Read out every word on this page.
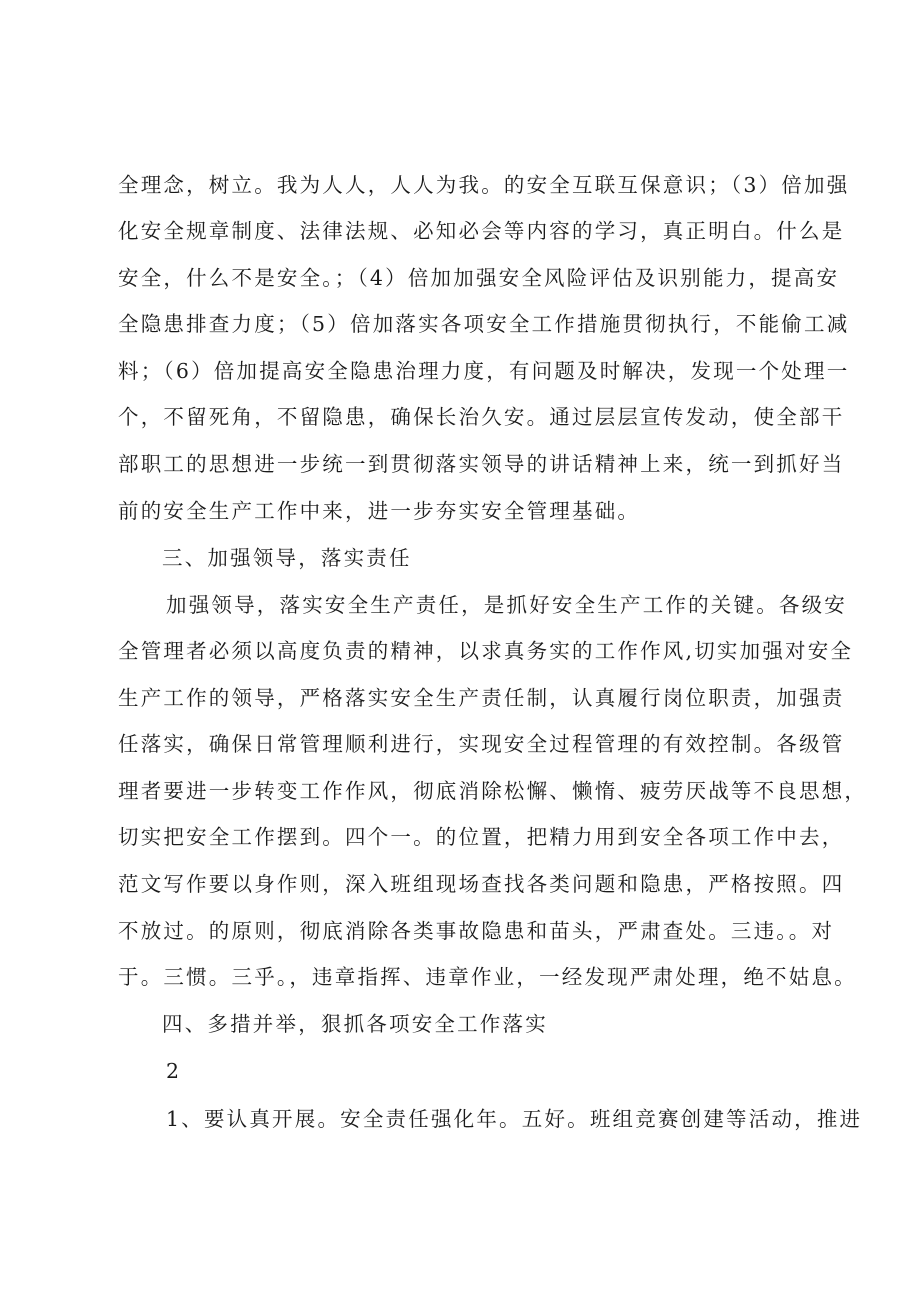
全理念，树立。我为人人，人人为我。的安全互联互保意识；（3）倍加强
化安全规章制度、法律法规、必知必会等内容的学习，真正明白。什么是
安全，什么不是安全。；（4）倍加加强安全风险评估及识别能力，提高安
全隐患排查力度；（5）倍加落实各项安全工作措施贯彻执行，不能偷工减
料；（6）倍加提高安全隐患治理力度，有问题及时解决，发现一个处理一
个，不留死角，不留隐患，确保长治久安。通过层层宣传发动，使全部干
部职工的思想进一步统一到贯彻落实领导的讲话精神上来，统一到抓好当
前的安全生产工作中来，进一步夯实安全管理基础。
三、加强领导，落实责任
加强领导，落实安全生产责任，是抓好安全生产工作的关键。各级安
全管理者必须以高度负责的精神，以求真务实的工作作风,切实加强对安全
生产工作的领导，严格落实安全生产责任制，认真履行岗位职责，加强责
任落实，确保日常管理顺利进行，实现安全过程管理的有效控制。各级管
理者要进一步转变工作作风，彻底消除松懈、懒惰、疲劳厌战等不良思想，
切实把安全工作摆到。四个一。的位置，把精力用到安全各项工作中去，
范文写作要以身作则，深入班组现场查找各类问题和隐患，严格按照。四
不放过。的原则，彻底消除各类事故隐患和苗头，严肃查处。三违。。对
于。三惯。三乎。，违章指挥、违章作业，一经发现严肃处理，绝不姑息。
四、多措并举，狠抓各项安全工作落实
2
1、要认真开展。安全责任强化年。五好。班组竞赛创建等活动，推进
